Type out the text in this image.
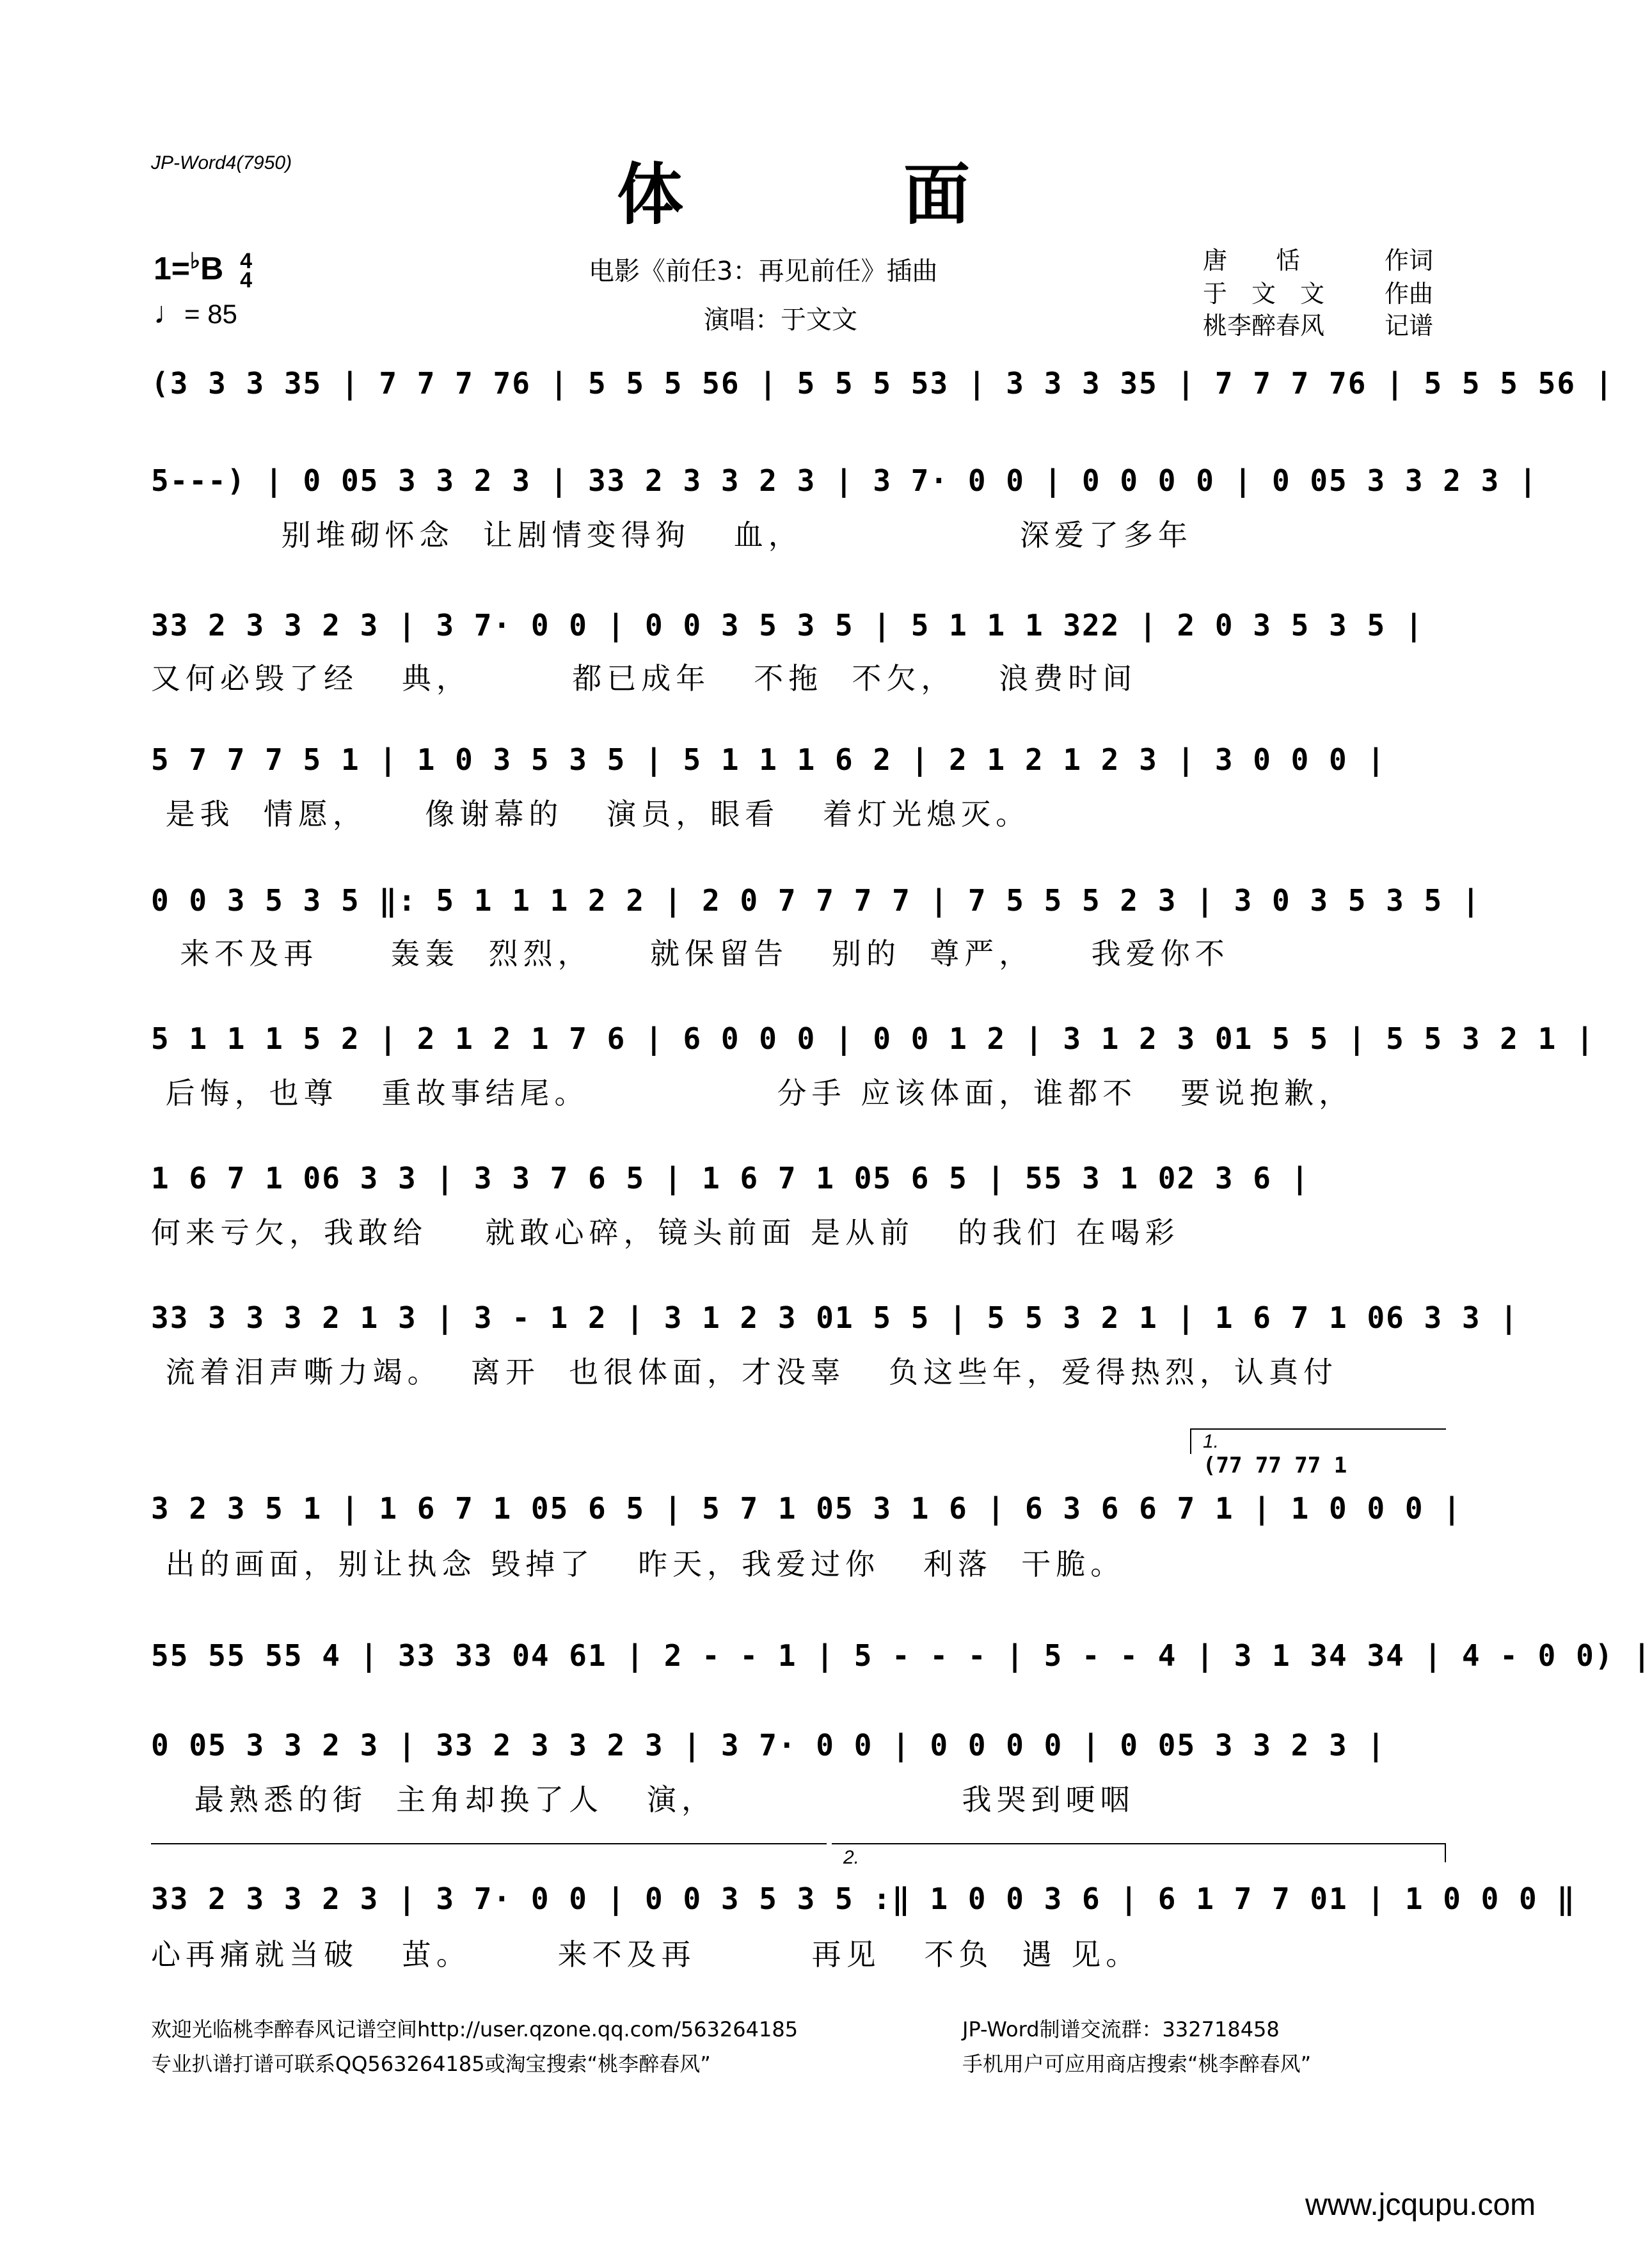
JP-Word4(7950)	体　面
1=♭B 4
4
♩= 85
电影《前任3：再见前任》插曲
演唱：于文文
唐　　恬	作词
于　文　文 作曲
桃李醉春风 记谱
(3 3 3 35 | 7 7 7 76 | 5 5 5 56 | 5 5 5 53 | 3 3 3 35 | 7 7 7 76 | 5 5 5 56 |
5---) | 0 05 3 3 2 3 | 33 2 3 3 2 3 | 3 7· 0 0 | 0 0 0 0 | 0 05 3 3 2 3 |
别堆砌怀念  让剧情变得狗   血，               深爱了多年
33 2 3 3 2 3 | 3 7· 0 0 | 0 0 3 5 3 5 | 5 1 1 1 322 | 2 0 3 5 3 5 |
又何必毁了经   典，       都已成年   不拖  不欠，   浪费时间
5 7 7 7 5 1 | 1 0 3 5 3 5 | 5 1 1 1 6 2 | 2 1 2 1 2 3 | 3 0 0 0 |
是我  情愿，    像谢幕的   演员，眼看   着灯光熄灭。
0 0 3 5 3 5 ‖: 5 1 1 1 2 2 | 2 0 7 7 7 7 | 7 5 5 5 2 3 | 3 0 3 5 3 5 |
来不及再     轰轰  烈烈，    就保留告   别的  尊严，    我爱你不
5 1 1 1 5 2 | 2 1 2 1 7 6 | 6 0 0 0 | 0 0 1 2 | 3 1 2 3 01 5 5 | 5 5 3 2 1 |
后悔，也尊   重故事结尾。             分手 应该体面，谁都不   要说抱歉，
1 6 7 1 06 3 3 | 3 3 7 6 5 | 1 6 7 1 05 6 5 | 55 3 1 02 3 6 |
何来亏欠，我敢给    就敢心碎，镜头前面 是从前   的我们 在喝彩
33 3 3 3 2 1 3 | 3 - 1 2 | 3 1 2 3 01 5 5 | 5 5 3 2 1 | 1 6 7 1 06 3 3 |
流着泪声嘶力竭。  离开  也很体面，才没辜   负这些年，爱得热烈，认真付
1.
(77 77 77 1
3 2 3 5 1 | 1 6 7 1 05 6 5 | 5 7 1 05 3 1 6 | 6 3 6 6 7 1 | 1 0 0 0 |
出的画面，别让执念 毁掉了   昨天，我爱过你   利落  干脆。
55 55 55 4 | 33 33 04 61 | 2 - - 1 | 5 - - - | 5 - - 4 | 3 1 34 34 | 4 - 0 0) |
0 05 3 3 2 3 | 33 2 3 3 2 3 | 3 7· 0 0 | 0 0 0 0 | 0 05 3 3 2 3 |
最熟悉的街  主角却换了人   演，                 我哭到哽咽
2.
33 2 3 3 2 3 | 3 7· 0 0 | 0 0 3 5 3 5 :‖ 1 0 0 3 6 | 6 1 7 7 01 | 1 0 0 0 ‖
心再痛就当破   茧。      来不及再        再见   不负  遇 见。
欢迎光临桃李醉春风记谱空间http://user.qzone.qq.com/563264185	JP-Word制谱交流群：332718458
专业扒谱打谱可联系QQ563264185或淘宝搜索“桃李醉春风”	手机用户可应用商店搜索“桃李醉春风”
www.jcqupu.com
